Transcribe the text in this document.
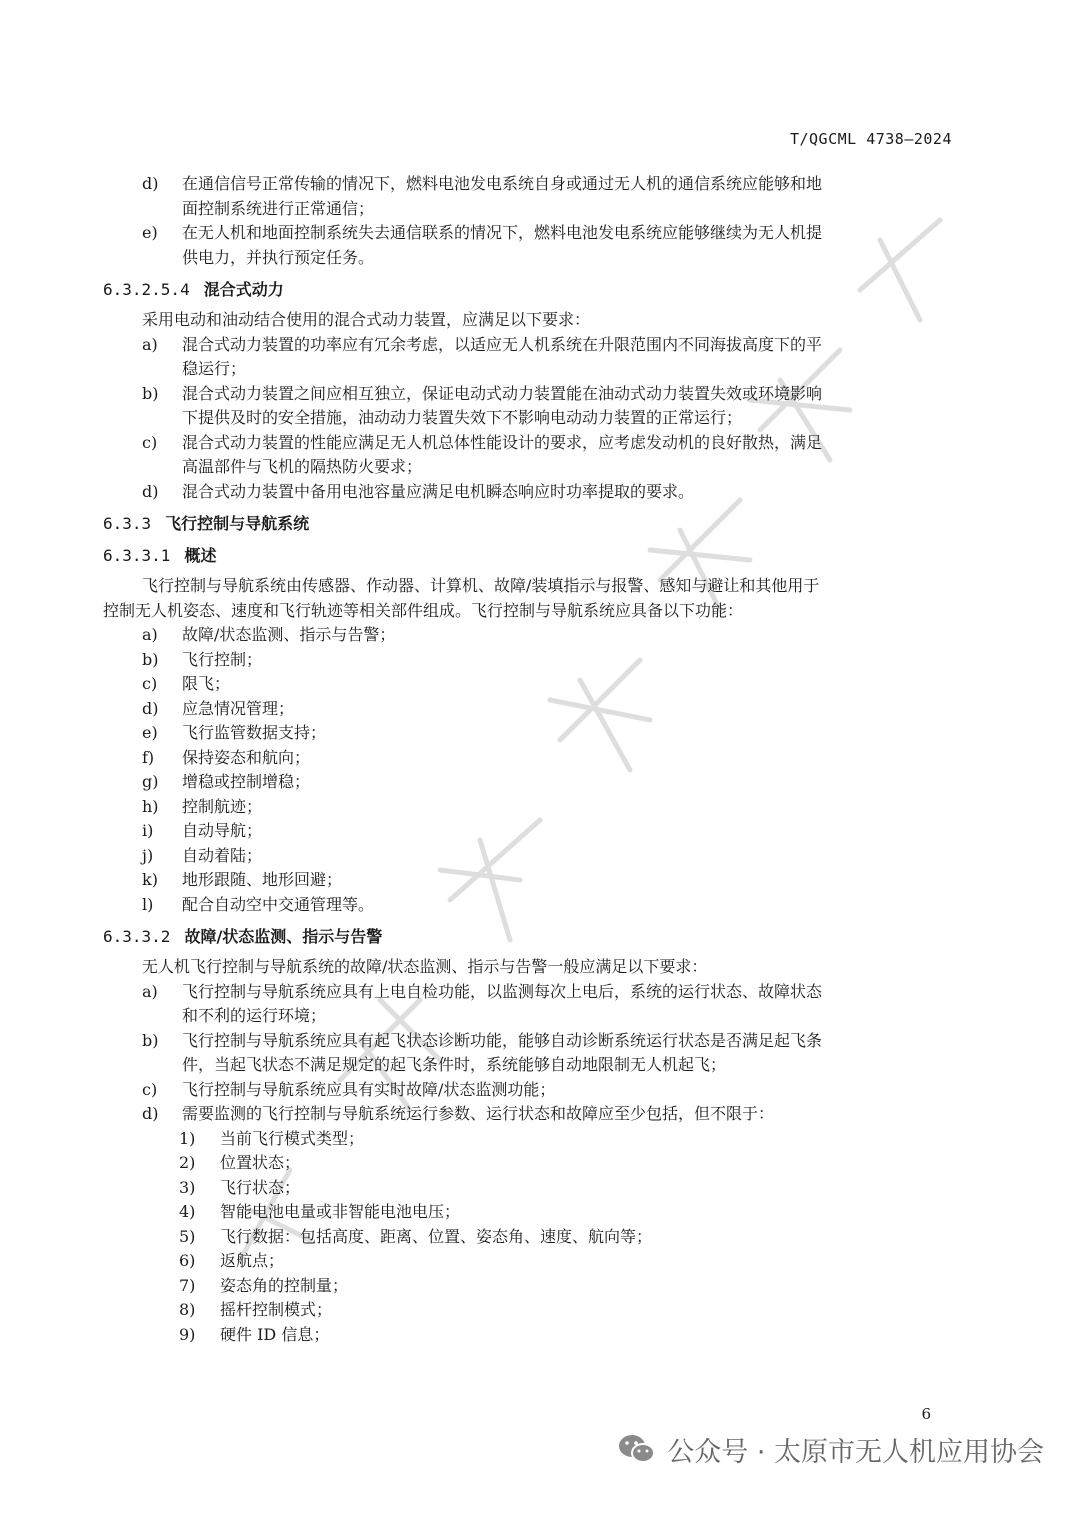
T/QGCML 4738—2024
d) 在通信信号正常传输的情况下，燃料电池发电系统自身或通过无人机的通信系统应能够和地
面控制系统进行正常通信；
e) 在无人机和地面控制系统失去通信联系的情况下，燃料电池发电系统应能够继续为无人机提
供电力，并执行预定任务。
6.3.2.5.4 混合式动力
采用电动和油动结合使用的混合式动力装置，应满足以下要求：
a) 混合式动力装置的功率应有冗余考虑，以适应无人机系统在升限范围内不同海拔高度下的平
稳运行；
b) 混合式动力装置之间应相互独立，保证电动式动力装置能在油动式动力装置失效或环境影响
下提供及时的安全措施，油动动力装置失效下不影响电动动力装置的正常运行；
c) 混合式动力装置的性能应满足无人机总体性能设计的要求，应考虑发动机的良好散热，满足
高温部件与飞机的隔热防火要求；
d) 混合式动力装置中备用电池容量应满足电机瞬态响应时功率提取的要求。
6.3.3 飞行控制与导航系统
6.3.3.1 概述
飞行控制与导航系统由传感器、作动器、计算机、故障/装填指示与报警、感知与避让和其他用于
控制无人机姿态、速度和飞行轨迹等相关部件组成。飞行控制与导航系统应具备以下功能：
a) 故障/状态监测、指示与告警；
b) 飞行控制；
c) 限飞；
d) 应急情况管理；
e) 飞行监管数据支持；
f) 保持姿态和航向；
g) 增稳或控制增稳；
h) 控制航迹；
i) 自动导航；
j) 自动着陆；
k) 地形跟随、地形回避；
l) 配合自动空中交通管理等。
6.3.3.2 故障/状态监测、指示与告警
无人机飞行控制与导航系统的故障/状态监测、指示与告警一般应满足以下要求：
a) 飞行控制与导航系统应具有上电自检功能，以监测每次上电后，系统的运行状态、故障状态
和不利的运行环境；
b) 飞行控制与导航系统应具有起飞状态诊断功能，能够自动诊断系统运行状态是否满足起飞条
件，当起飞状态不满足规定的起飞条件时，系统能够自动地限制无人机起飞；
c) 飞行控制与导航系统应具有实时故障/状态监测功能；
d) 需要监测的飞行控制与导航系统运行参数、运行状态和故障应至少包括，但不限于：
1) 当前飞行模式类型；
2) 位置状态；
3) 飞行状态；
4) 智能电池电量或非智能电池电压；
5) 飞行数据：包括高度、距离、位置、姿态角、速度、航向等；
6) 返航点；
7) 姿态角的控制量；
8) 摇杆控制模式；
9) 硬件 ID 信息；
6
公众号 · 太原市无人机应用协会
